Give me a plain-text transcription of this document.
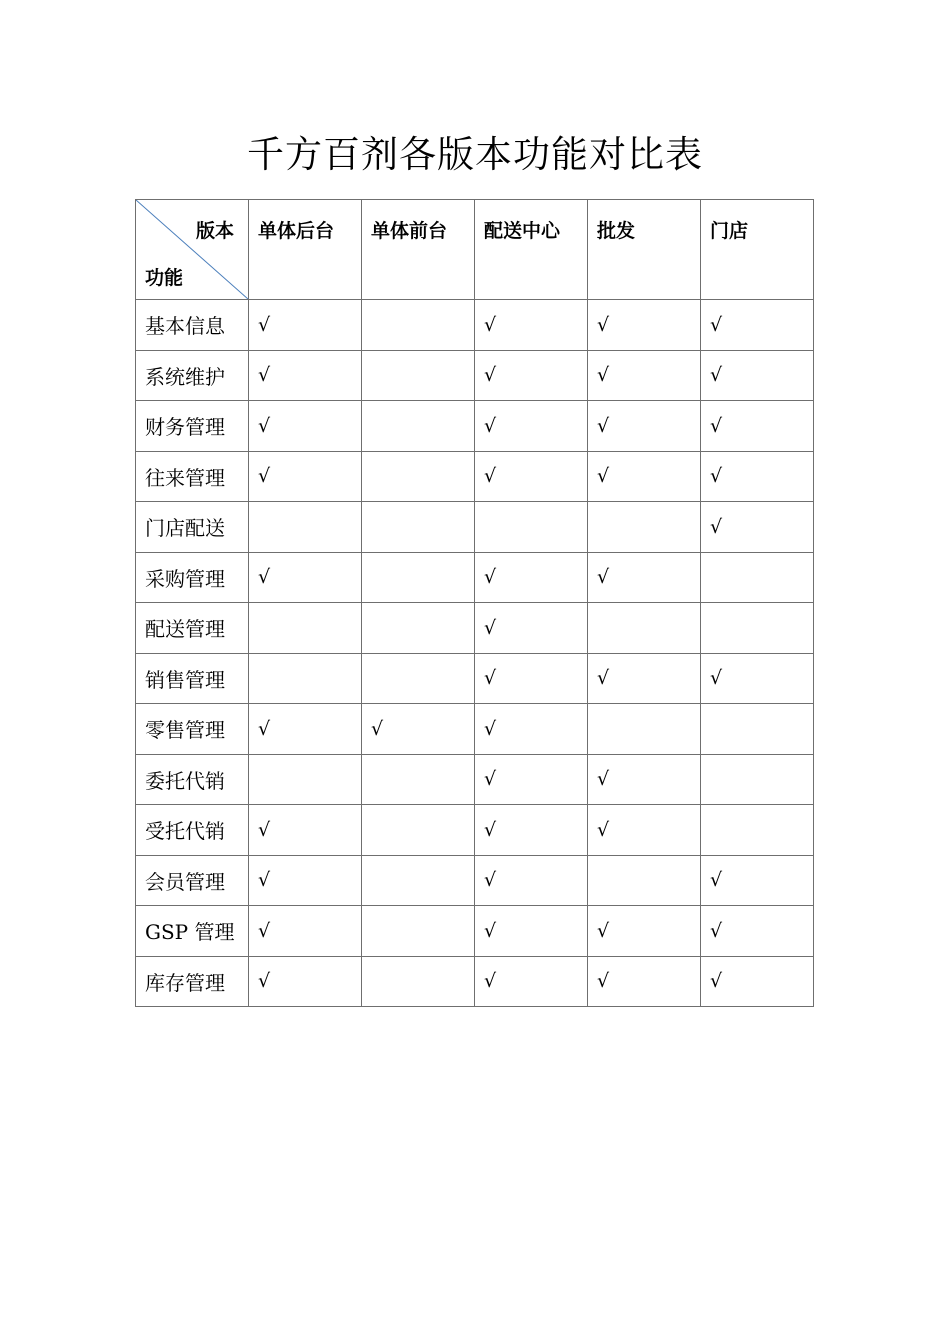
千方百剂各版本功能对比表
版本
功能	单体后台	单体前台	配送中心	批发	门店

基本信息	√		√	√	√
系统维护	√		√	√	√
财务管理	√		√	√	√
往来管理	√		√	√	√
门店配送					√
采购管理	√		√	√	
配送管理			√		
销售管理			√	√	√
零售管理	√	√	√		
委托代销			√	√	
受托代销	√		√	√	
会员管理	√		√		√
GSP 管理	√		√	√	√
库存管理	√		√	√	√
